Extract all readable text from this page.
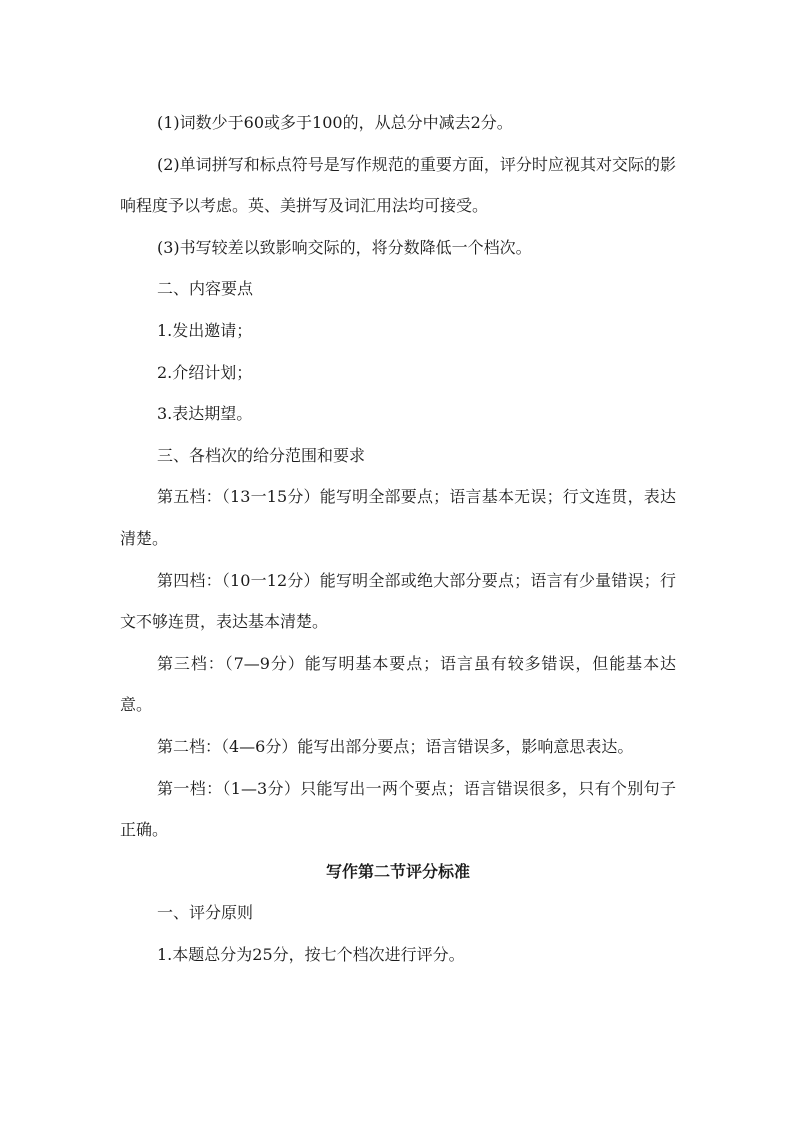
(1)词数少于60或多于100的，从总分中减去2分。

(2)单词拼写和标点符号是写作规范的重要方面，评分时应视其对交际的影响程度予以考虑。英、美拼写及词汇用法均可接受。

(3)书写较差以致影响交际的，将分数降低一个档次。

二、内容要点

1.发出邀请；

2.介绍计划；

3.表达期望。

三、各档次的给分范围和要求

第五档：（13一15分）能写明全部要点；语言基本无误；行文连贯，表达清楚。

第四档：（10一12分）能写明全部或绝大部分要点；语言有少量错误；行文不够连贯，表达基本清楚。

第三档：（7—9分）能写明基本要点；语言虽有较多错误，但能基本达意。

第二档：（4—6分）能写出部分要点；语言错误多，影响意思表达。

第一档：（1—3分）只能写出一两个要点；语言错误很多，只有个别句子正确。

写作第二节评分标准

一、评分原则

1.本题总分为25分，按七个档次进行评分。
